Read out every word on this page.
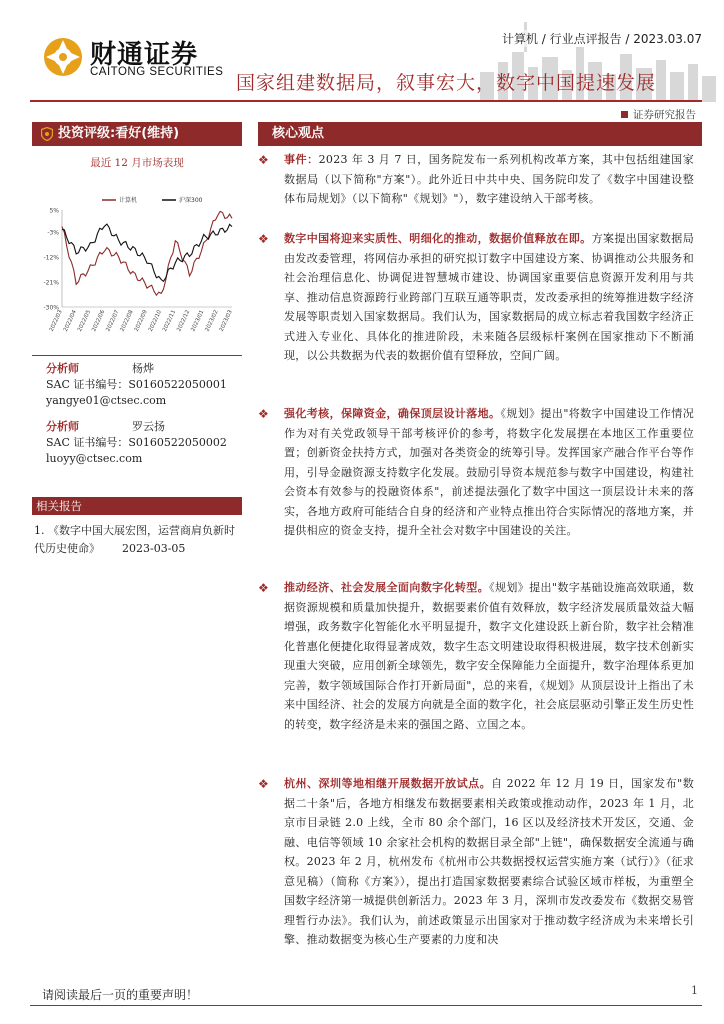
财通证券
CAITONG SECURITIES
计算机 / 行业点评报告 / 2023.03.07
国家组建数据局，叙事宏大，数字中国提速发展
证券研究报告
投资评级:看好(维持)
最近 12 月市场表现
计算机	沪深300
5%
-3%
-12%
-21%
-30%
2022/03 2022/04 2022/05 2022/06 2022/07 2022/08 2022/09 2022/10 2022/11 2022/12 2023/01 2023/02 2023/03
分析师	杨烨
SAC 证书编号：S0160522050001
yangye01@ctsec.com
分析师	罗云扬
SAC 证书编号：S0160522050002
luoyy@ctsec.com
相关报告
1. 《数字中国大展宏图，运营商肩负新时代历史使命》 2023-03-05
核心观点
❖ 事件：2023 年 3 月 7 日，国务院发布一系列机构改革方案，其中包括组建国家数据局（以下简称"方案"）。此外近日中共中央、国务院印发了《数字中国建设整体布局规划》（以下简称"《规划》"），数字建设纳入干部考核。
❖ 数字中国将迎来实质性、明细化的推动，数据价值释放在即。方案提出国家数据局由发改委管理，将网信办承担的研究拟订数字中国建设方案、协调推动公共服务和社会治理信息化、协调促进智慧城市建设、协调国家重要信息资源开发利用与共享、推动信息资源跨行业跨部门互联互通等职责，发改委承担的统筹推进数字经济发展等职责划入国家数据局。我们认为，国家数据局的成立标志着我国数字经济正式进入专业化、具体化的推进阶段，未来随各层级标杆案例在国家推动下不断涌现，以公共数据为代表的数据价值有望释放，空间广阔。
❖ 强化考核，保障资金，确保顶层设计落地。《规划》提出"将数字中国建设工作情况作为对有关党政领导干部考核评价的参考，将数字化发展摆在本地区工作重要位置；创新资金扶持方式，加强对各类资金的统筹引导。发挥国家产融合作平台等作用，引导金融资源支持数字化发展。鼓励引导资本规范参与数字中国建设，构建社会资本有效参与的投融资体系"，前述提法强化了数字中国这一顶层设计未来的落实，各地方政府可能结合自身的经济和产业特点推出符合实际情况的落地方案，并提供相应的资金支持，提升全社会对数字中国建设的关注。
❖ 推动经济、社会发展全面向数字化转型。《规划》提出"数字基础设施高效联通，数据资源规模和质量加快提升，数据要素价值有效释放，数字经济发展质量效益大幅增强，政务数字化智能化水平明显提升，数字文化建设跃上新台阶，数字社会精准化普惠化便捷化取得显著成效，数字生态文明建设取得积极进展，数字技术创新实现重大突破，应用创新全球领先，数字安全保障能力全面提升，数字治理体系更加完善，数字领域国际合作打开新局面"，总的来看，《规划》从顶层设计上指出了未来中国经济、社会的发展方向就是全面的数字化，社会底层驱动引擎正发生历史性的转变，数字经济是未来的强国之路、立国之本。
❖ 杭州、深圳等地相继开展数据开放试点。自 2022 年 12 月 19 日，国家发布"数据二十条"后，各地方相继发布数据要素相关政策或推动动作，2023 年 1 月，北京市目录链 2.0 上线，全市 80 余个部门，16 区以及经济技术开发区，交通、金融、电信等领域 10 余家社会机构的数据目录全部"上链"，确保数据安全流通与确权。2023 年 2 月，杭州发布《杭州市公共数据授权运营实施方案（试行）》（征求意见稿）（简称《方案》），提出打造国家数据要素综合试验区域市样板，为重塑全国数字经济第一城提供创新活力。2023 年 3 月，深圳市发改委发布《数据交易管理暂行办法》。我们认为，前述政策显示出国家对于推动数字经济成为未来增长引擎、推动数据变为核心生产要素的力度和决
请阅读最后一页的重要声明！	1
